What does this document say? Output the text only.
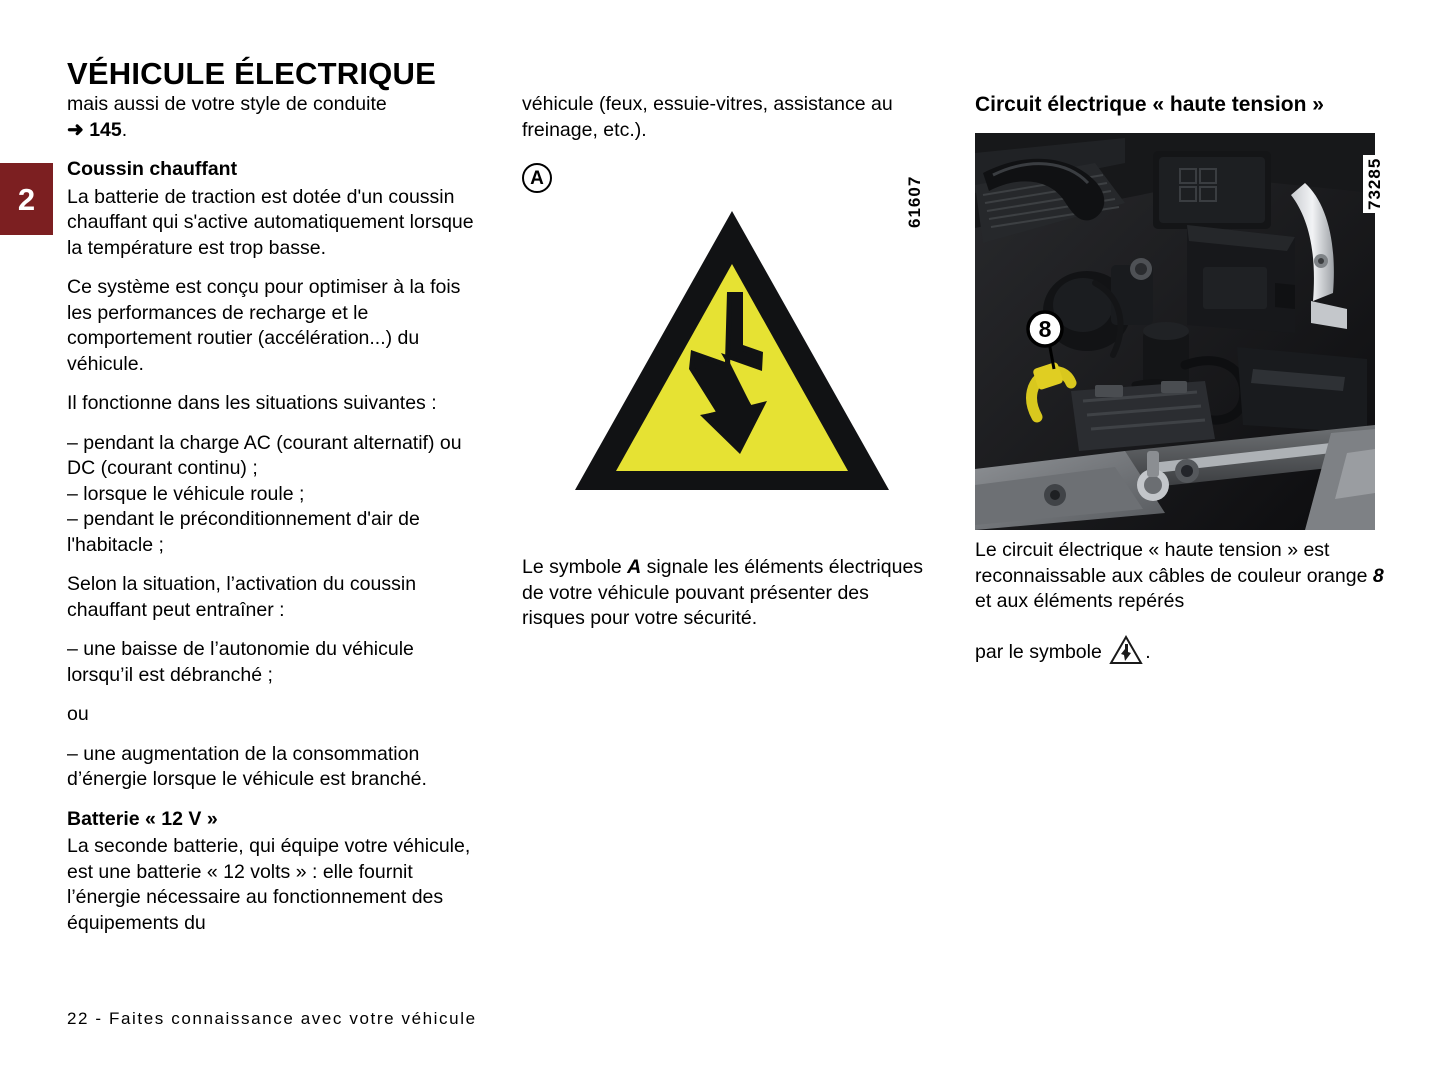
2
VÉHICULE ÉLECTRIQUE

mais aussi de votre style de conduite
➜ 145.

Coussin chauffant

La batterie de traction est dotée d'un coussin chauffant qui s'active automatiquement lorsque la température est trop basse.

Ce système est conçu pour optimiser à la fois les performances de recharge et le comportement routier (accélération...) du véhicule.

Il fonctionne dans les situations suivantes :

– pendant la charge AC (courant alternatif) ou DC (courant continu) ;

– lorsque le véhicule roule ;

– pendant le préconditionnement d'air de l'habitacle ;

Selon la situation, l’activation du coussin chauffant peut entraîner :

– une baisse de l’autonomie du véhicule lorsqu’il est débranché ;

ou

– une augmentation de la consommation d’énergie lorsque le véhicule est branché.

Batterie « 12 V »

La seconde batterie, qui équipe votre véhicule, est une batterie « 12 volts » : elle fournit l’énergie nécessaire au fonctionnement des équipements du

véhicule (feux, essuie-vitres, assistance au freinage, etc.).

A	61607

Le symbole A signale les éléments électriques de votre véhicule pouvant présenter des risques pour votre sécurité.

Circuit électrique « haute tension »
8
73285

Le circuit électrique « haute tension » est reconnaissable aux câbles de couleur orange 8 et aux éléments repérés

par le symbole .

22 - Faites connaissance avec votre véhicule
